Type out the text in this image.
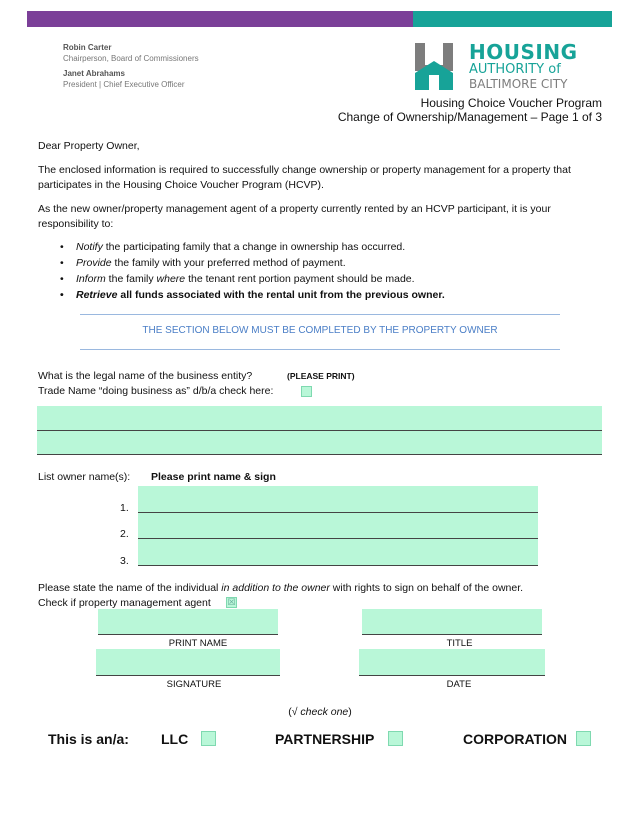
Robin Carter
Chairperson, Board of Commissioners
Janet Abrahams
President | Chief Executive Officer
HOUSING
AUTHORITY of
BALTIMORE CITY
Housing Choice Voucher Program
Change of Ownership/Management – Page 1 of 3
Dear Property Owner,
The enclosed information is required to successfully change ownership or property management for a property that participates in the Housing Choice Voucher Program (HCVP).
As the new owner/property management agent of a property currently rented by an HCVP participant, it is your responsibility to:
• Notify the participating family that a change in ownership has occurred.
• Provide the family with your preferred method of payment.
• Inform the family where the tenant rent portion payment should be made.
• Retrieve all funds associated with the rental unit from the previous owner.
THE SECTION BELOW MUST BE COMPLETED BY THE PROPERTY OWNER
What is the legal name of the business entity?	(PLEASE PRINT)
Trade Name “doing business as” d/b/a check here:
List owner name(s): Please print name & sign
1.
2.
3.
Please state the name of the individual in addition to the owner with rights to sign on behalf of the owner.
Check if property management agent ☒
PRINT NAME	TITLE
SIGNATURE	DATE
(√ check one)
This is an/a: LLC	PARTNERSHIP	CORPORATION
